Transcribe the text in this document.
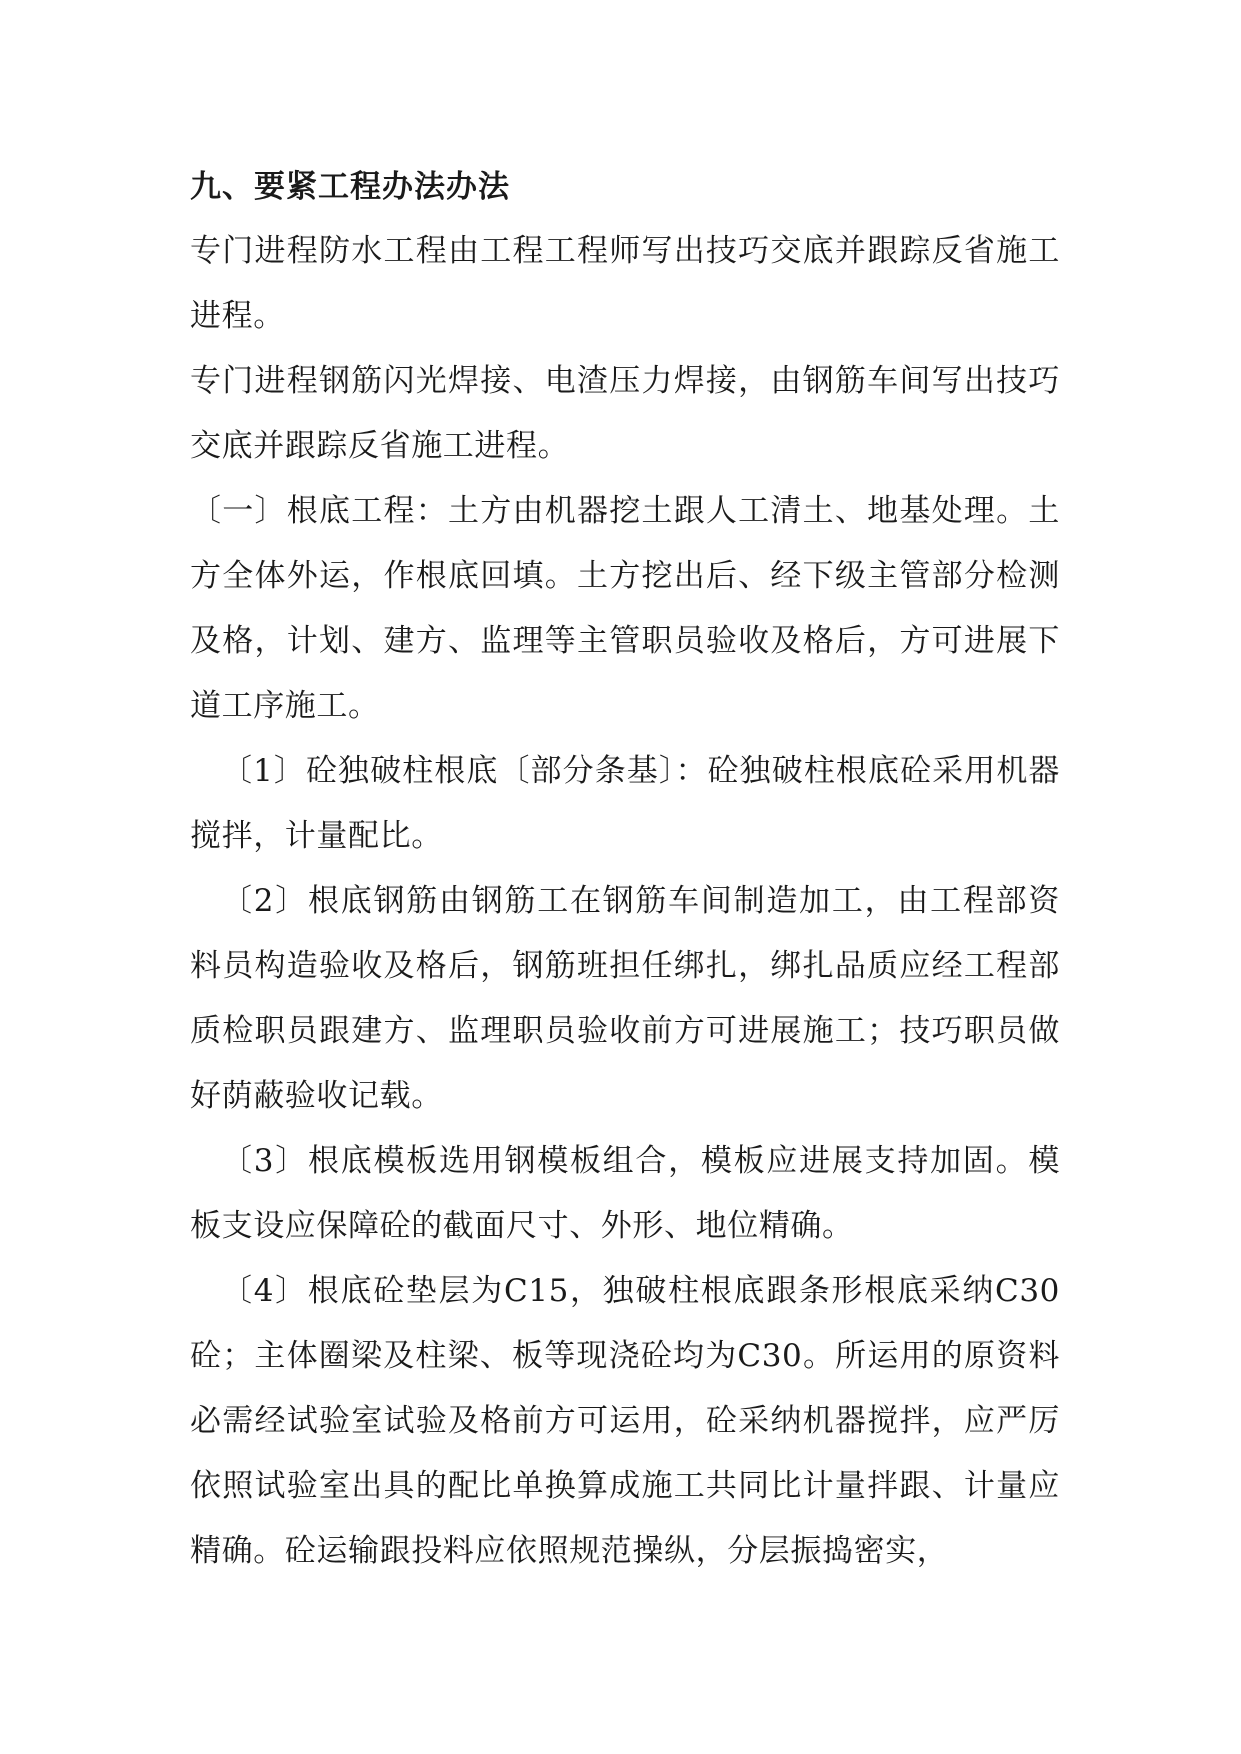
九、要紧工程办法办法

专门进程防水工程由工程工程师写出技巧交底并跟踪反省施工进程。

专门进程钢筋闪光焊接、电渣压力焊接，由钢筋车间写出技巧交底并跟踪反省施工进程。

〔一〕根底工程：土方由机器挖土跟人工清土、地基处理。土方全体外运，作根底回填。土方挖出后、经下级主管部分检测及格，计划、建方、监理等主管职员验收及格后，方可进展下道工序施工。

〔1〕砼独破柱根底〔部分条基〕：砼独破柱根底砼采用机器搅拌，计量配比。

〔2〕根底钢筋由钢筋工在钢筋车间制造加工，由工程部资料员构造验收及格后，钢筋班担任绑扎，绑扎品质应经工程部质检职员跟建方、监理职员验收前方可进展施工；技巧职员做好荫蔽验收记载。

〔3〕根底模板选用钢模板组合，模板应进展支持加固。模板支设应保障砼的截面尺寸、外形、地位精确。

〔4〕根底砼垫层为C15，独破柱根底跟条形根底采纳C30砼；主体圈梁及柱梁、板等现浇砼均为C30。所运用的原资料必需经试验室试验及格前方可运用，砼采纳机器搅拌，应严厉依照试验室出具的配比单换算成施工共同比计量拌跟、计量应精确。砼运输跟投料应依照规范操纵，分层振捣密实，
